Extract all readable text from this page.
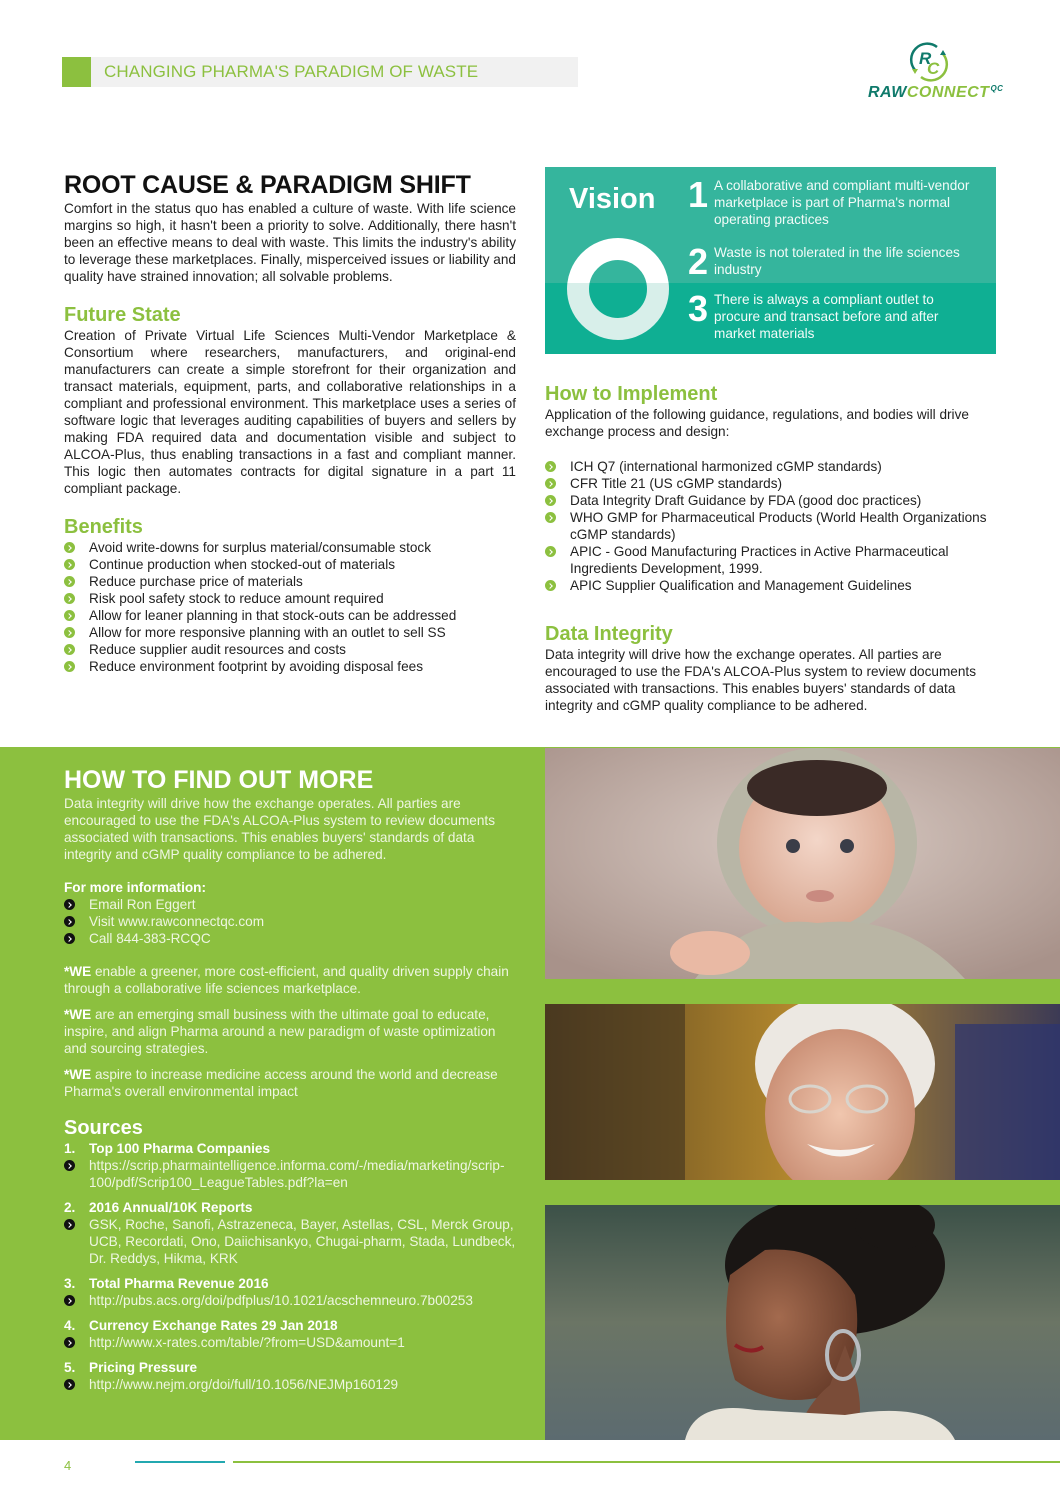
CHANGING PHARMA'S PARADIGM OF WASTE
R
C
$RAWCONNECT^{QC}$
ROOT CAUSE & PARADIGM SHIFT

Comfort in the status quo has enabled a culture of waste. With life science margins so high, it hasn't been a priority to solve. Additionally, there hasn't been an effective means to deal with waste. This limits the industry's ability to leverage these marketplaces. Finally, misperceived issues or liability and quality have strained innovation; all solvable problems.

Future State

Creation of Private Virtual Life Sciences Multi-Vendor Marketplace & Consortium where researchers, manufacturers, and original-end manufacturers can create a simple storefront for their organization and transact materials, equipment, parts, and collaborative relationships in a compliant and professional environment. This marketplace uses a series of software logic that leverages auditing capabilities of buyers and sellers by making FDA required data and documentation visible and subject to ALCOA-Plus, thus enabling transactions in a fast and compliant manner. This logic then automates contracts for digital signature in a part 11 compliant package.

Benefits
Avoid write-downs for surplus material/consumable stock
Continue production when stocked-out of materials
Reduce purchase price of materials
Risk pool safety stock to reduce amount required
Allow for leaner planning in that stock-outs can be addressed
Allow for more responsive planning with an outlet to sell SS
Reduce supplier audit resources and costs
Reduce environment footprint by avoiding disposal fees
Vision 1 A collaborative and compliant multi-vendor marketplace is part of Pharma's normal operating practices
2 Waste is not tolerated in the life sciences industry
3 There is always a compliant outlet to procure and transact before and after market materials
How to Implement

Application of the following guidance, regulations, and bodies will drive exchange process and design:

ICH Q7 (international harmonized cGMP standards)
CFR Title 21 (US cGMP standards)
Data Integrity Draft Guidance by FDA (good doc practices)
WHO GMP for Pharmaceutical Products (World Health Organizations cGMP standards)
APIC - Good Manufacturing Practices in Active Pharmaceutical Ingredients Development, 1999.
APIC Supplier Qualification and Management Guidelines
Data Integrity

Data integrity will drive how the exchange operates. All parties are encouraged to use the FDA's ALCOA-Plus system to review documents associated with transactions. This enables buyers' standards of data integrity and cGMP quality compliance to be adhered.

HOW TO FIND OUT MORE

Data integrity will drive how the exchange operates. All parties are encouraged to use the FDA's ALCOA-Plus system to review documents associated with transactions. This enables buyers' standards of data integrity and cGMP quality compliance to be adhered.

For more information:
Email Ron Eggert
Visit www.rawconnectqc.com
Call 844-383-RCQC

*WE enable a greener, more cost-efficient, and quality driven supply chain through a collaborative life sciences marketplace.

*WE are an emerging small business with the ultimate goal to educate, inspire, and align Pharma around a new paradigm of waste optimization and sourcing strategies.

*WE aspire to increase medicine access around the world and decrease Pharma's overall environmental impact

Sources
1. Top 100 Pharma Companies
https://scrip.pharmaintelligence.informa.com/-/media/marketing/scrip-100/pdf/Scrip100_LeagueTables.pdf?la=en
2. 2016 Annual/10K Reports
GSK, Roche, Sanofi, Astrazeneca, Bayer, Astellas, CSL, Merck Group, UCB, Recordati, Ono, Daiichisankyo, Chugai-pharm, Stada, Lundbeck, Dr. Reddys, Hikma, KRK
3. Total Pharma Revenue 2016
http://pubs.acs.org/doi/pdfplus/10.1021/acschemneuro.7b00253
4. Currency Exchange Rates 29 Jan 2018
http://www.x-rates.com/table/?from=USD&amount=1
5. Pricing Pressure
http://www.nejm.org/doi/full/10.1056/NEJMp160129
4
